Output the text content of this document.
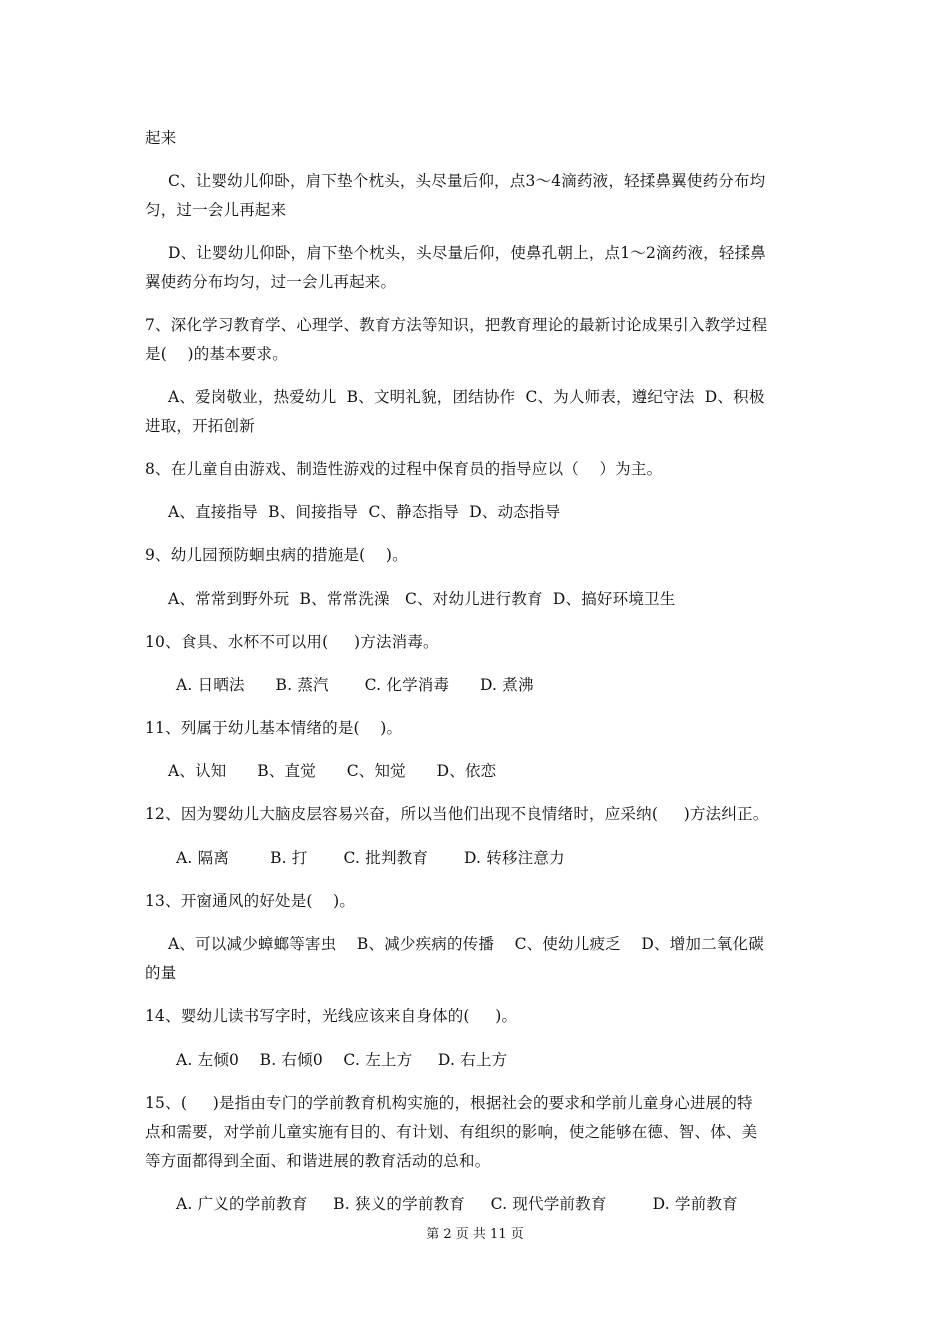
起来
C、让婴幼儿仰卧，肩下垫个枕头，头尽量后仰，点3～4滴药液，轻揉鼻翼使药分布均
匀，过一会儿再起来
D、让婴幼儿仰卧，肩下垫个枕头，头尽量后仰，使鼻孔朝上，点1～2滴药液，轻揉鼻
翼使药分布均匀，过一会儿再起来。
7、深化学习教育学、心理学、教育方法等知识，把教育理论的最新讨论成果引入教学过程
是(    )的基本要求。
A、爱岗敬业，热爱幼儿  B、文明礼貌，团结协作  C、为人师表，遵纪守法  D、积极
进取，开拓创新
8、在儿童自由游戏、制造性游戏的过程中保育员的指导应以（    ）为主。
A、直接指导  B、间接指导  C、静态指导  D、动态指导
9、幼儿园预防蛔虫病的措施是(    )。
A、常常到野外玩  B、常常洗澡   C、对幼儿进行教育  D、搞好环境卫生
10、食具、水杯不可以用(     )方法消毒。
A. 日晒法      B. 蒸汽       C. 化学消毒      D. 煮沸
11、列属于幼儿基本情绪的是(    )。
A、认知      B、直觉      C、知觉      D、依恋
12、因为婴幼儿大脑皮层容易兴奋，所以当他们出现不良情绪时，应采纳(     )方法纠正。
A. 隔离        B. 打       C. 批判教育       D. 转移注意力
13、开窗通风的好处是(    )。
A、可以减少蟑螂等害虫    B、减少疾病的传播    C、使幼儿疲乏    D、增加二氧化碳
的量
14、婴幼儿读书写字时，光线应该来自身体的(     )。
A. 左倾0    B. 右倾0    C. 左上方     D. 右上方
15、(     )是指由专门的学前教育机构实施的，根据社会的要求和学前儿童身心进展的特
点和需要，对学前儿童实施有目的、有计划、有组织的影响，使之能够在德、智、体、美
等方面都得到全面、和谐进展的教育活动的总和。
A. 广义的学前教育     B. 狭义的学前教育     C. 现代学前教育         D. 学前教育
第 2 页 共 11 页
